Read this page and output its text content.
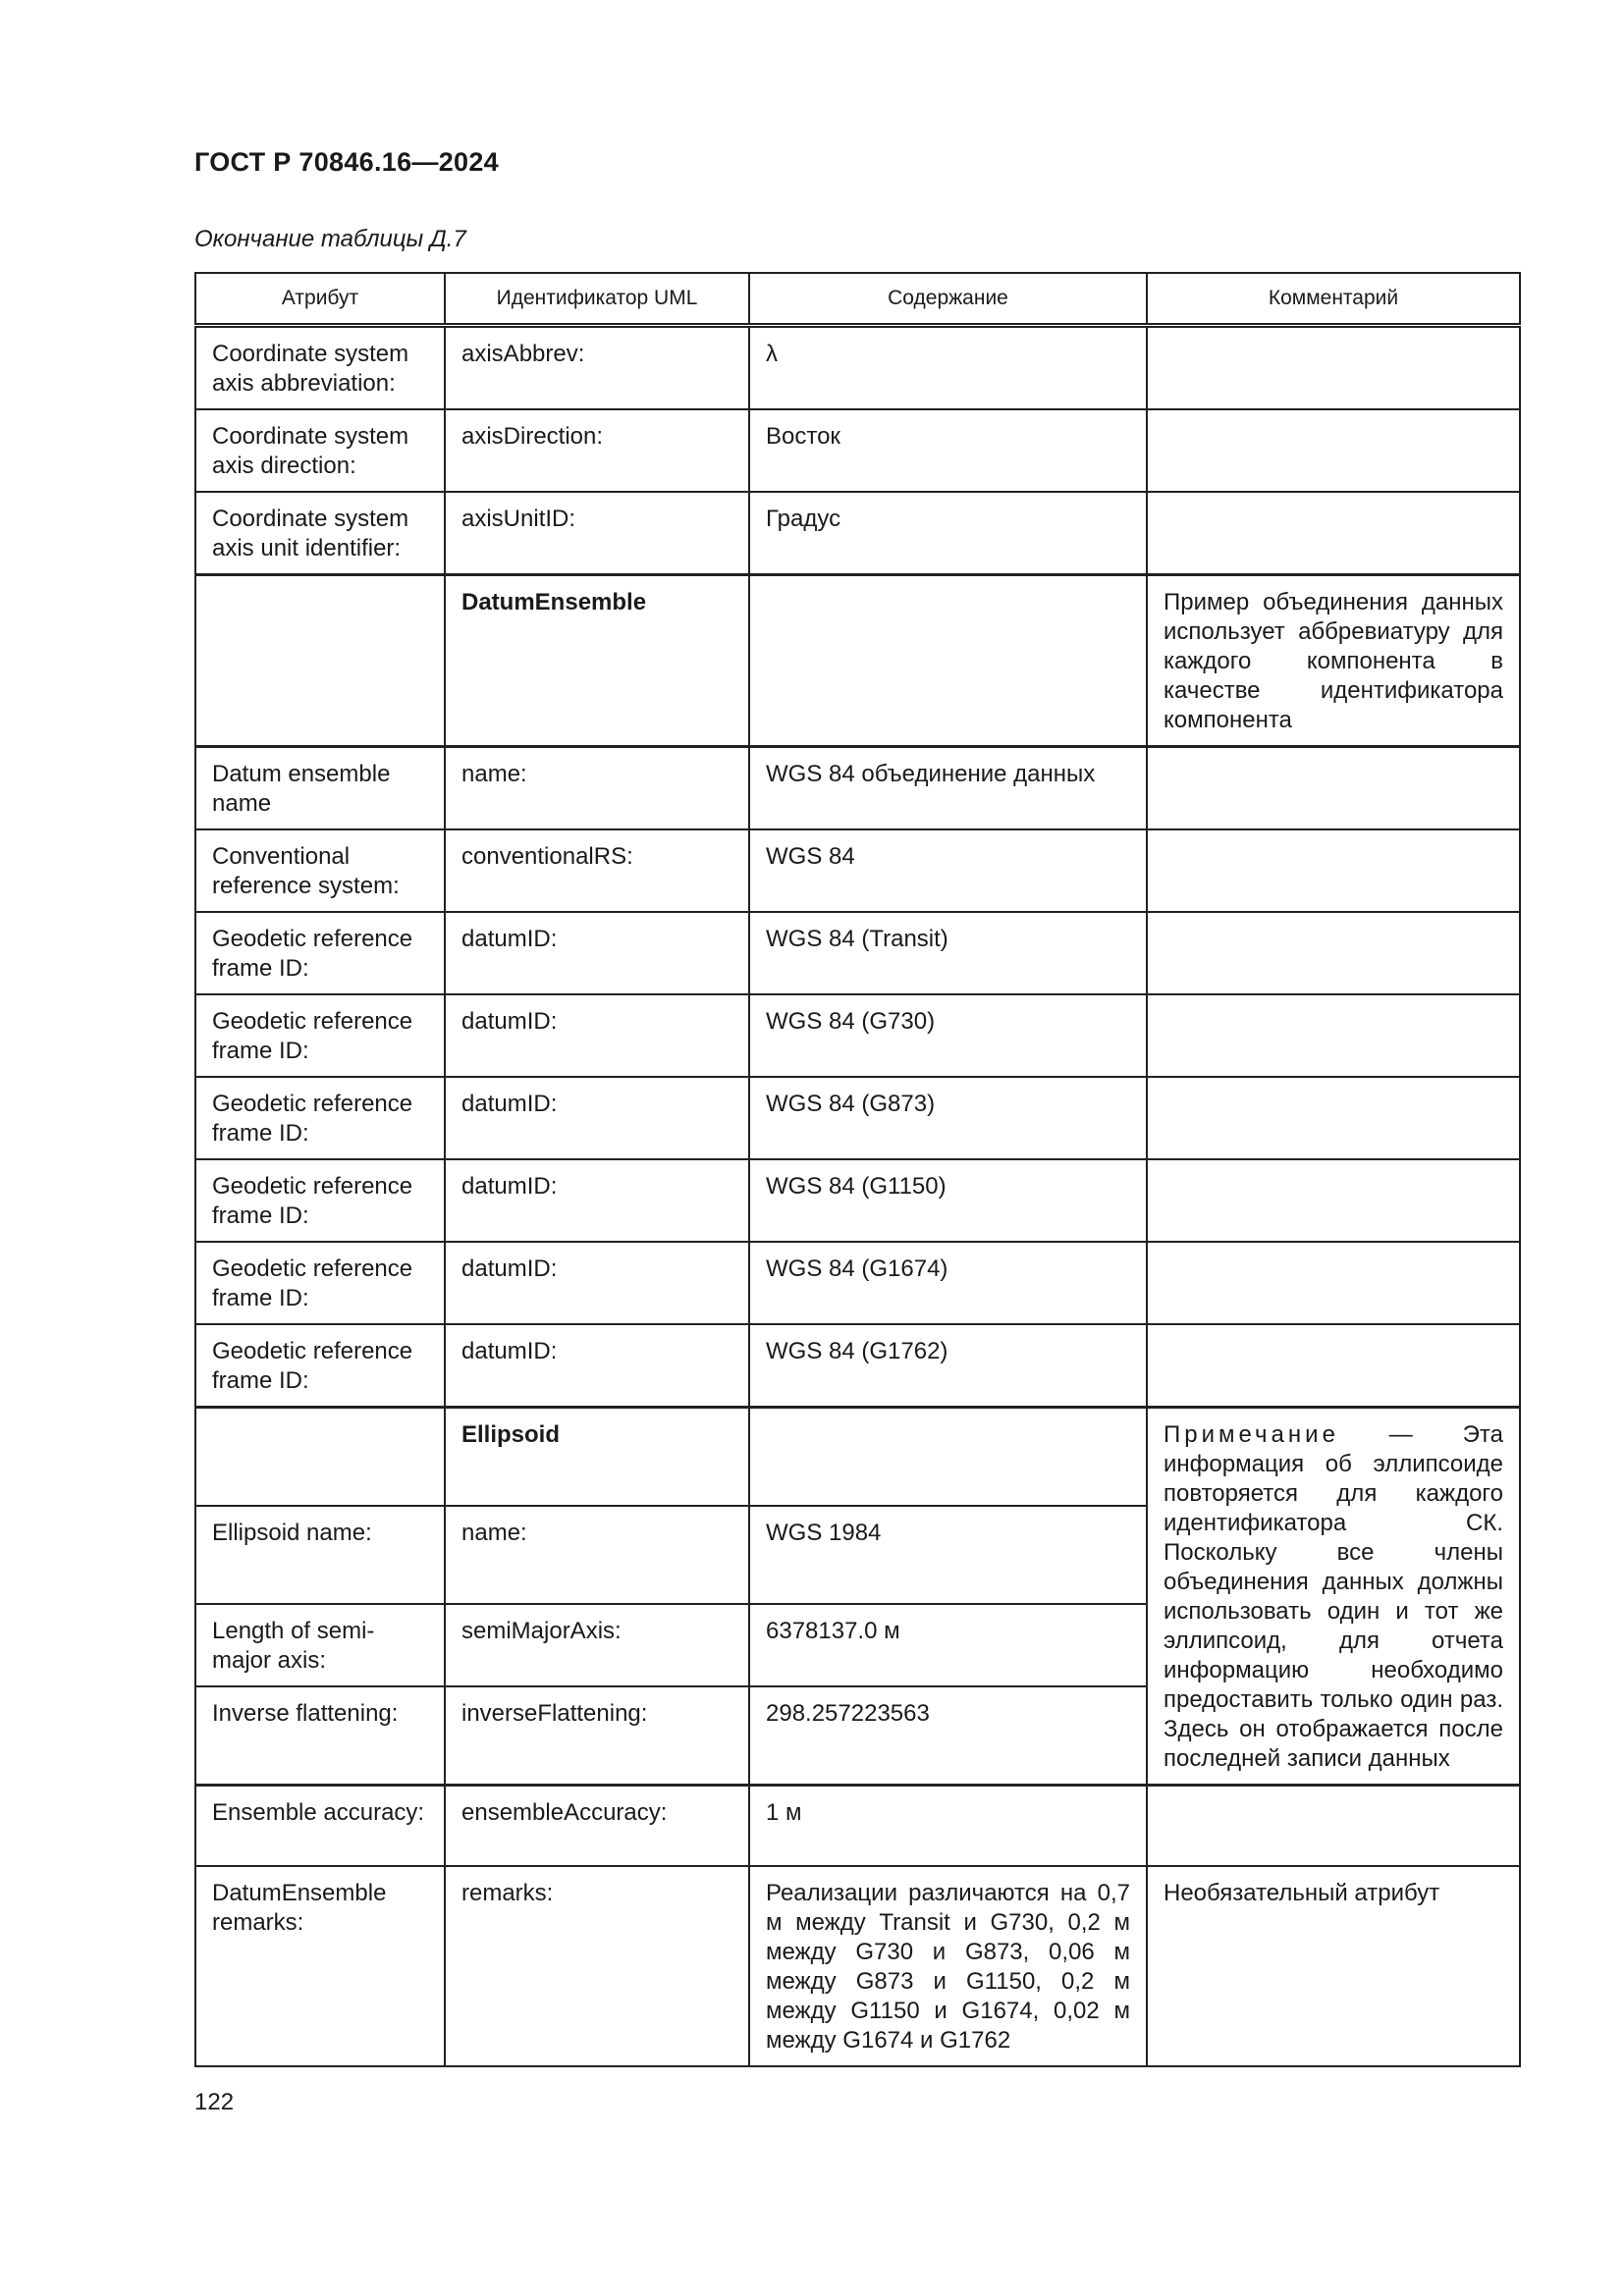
ГОСТ Р 70846.16—2024
Окончание таблицы Д.7
Атрибут	Идентификатор UML	Содержание	Комментарий
Coordinate system axis abbreviation:	axisAbbrev:	λ	
Coordinate system axis direction:	axisDirection:	Восток	
Coordinate system axis unit identifier:	axisUnitID:	Градус	
	DatumEnsemble		Пример объединения данных использует аббревиатуру для каждого компонента в качестве идентификатора компонента
Datum ensemble name	name:	WGS 84 объединение данных	
Conventional reference system:	conventionalRS:	WGS 84	
Geodetic reference frame ID:	datumID:	WGS 84 (Transit)	
Geodetic reference frame ID:	datumID:	WGS 84 (G730)	
Geodetic reference frame ID:	datumID:	WGS 84 (G873)	
Geodetic reference frame ID:	datumID:	WGS 84 (G1150)	
Geodetic reference frame ID:	datumID:	WGS 84 (G1674)	
Geodetic reference frame ID:	datumID:	WGS 84 (G1762)	
	Ellipsoid		Примечание — Эта информация об эллипсоиде повторяется для каждого идентификатора СК. Поскольку все члены объединения данных должны использовать один и тот же эллипсоид, для отчета информацию необходимо предоставить только один раз. Здесь он отображается после последней записи данных
Ellipsoid name:	name:	WGS 1984	
Length of semi-major axis:	semiMajorAxis:	6378137.0 м	
Inverse flattening:	inverseFlattening:	298.257223563	
Ensemble accuracy:	ensembleAccuracy:	1 м	
DatumEnsemble remarks:	remarks:	Реализации различаются на 0,7 м между Transit и G730, 0,2 м между G730 и G873, 0,06 м между G873 и G1150, 0,2 м между G1150 и G1674, 0,02 м между G1674 и G1762	Необязательный атрибут
122
